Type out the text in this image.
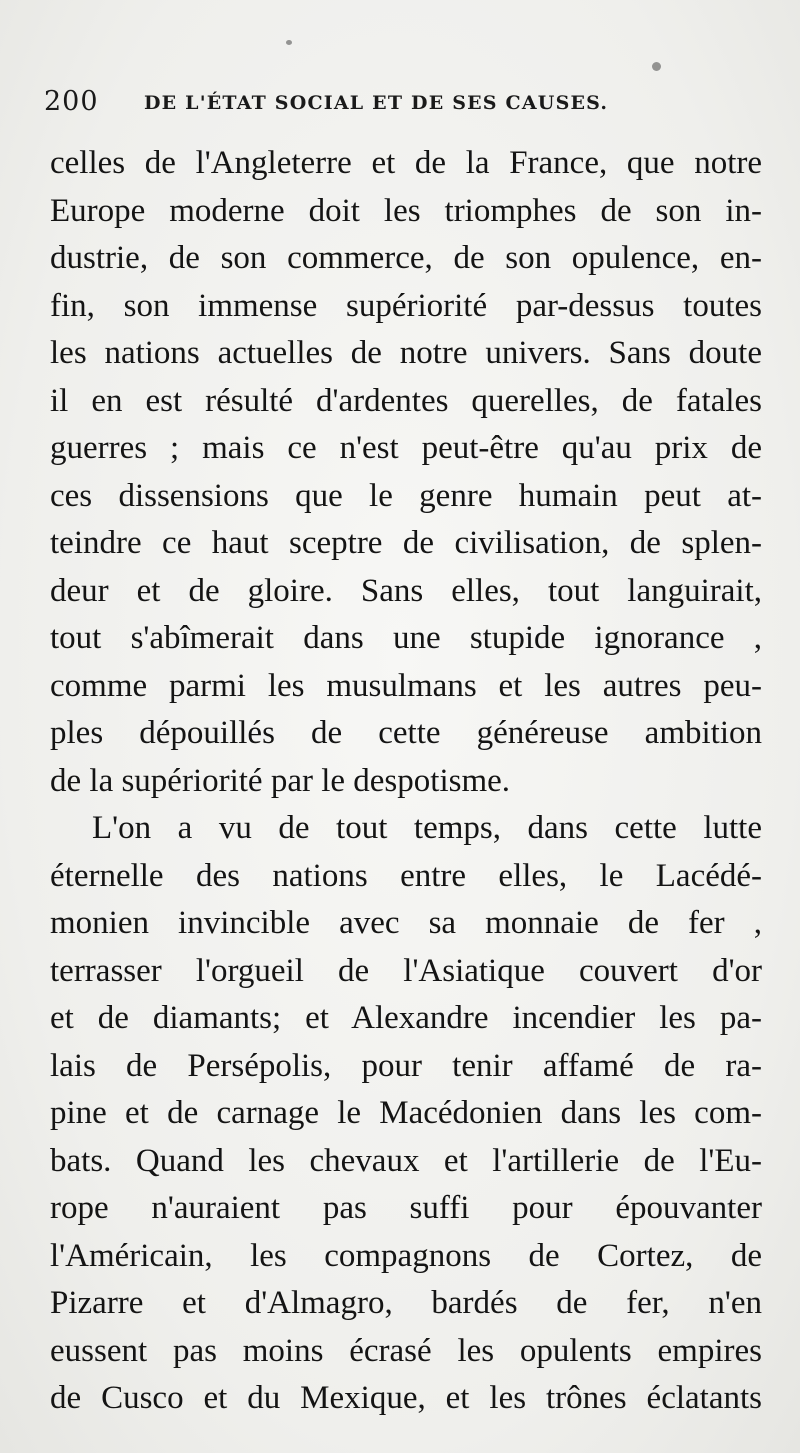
200 DE L'ÉTAT SOCIAL ET DE SES CAUSES.
celles de l'Angleterre et de la France, que notre
Europe moderne doit les triomphes de son in-
dustrie, de son commerce, de son opulence, en-
fin, son immense supériorité par-dessus toutes
les nations actuelles de notre univers. Sans doute
il en est résulté d'ardentes querelles, de fatales
guerres ; mais ce n'est peut-être qu'au prix de
ces dissensions que le genre humain peut at-
teindre ce haut sceptre de civilisation, de splen-
deur et de gloire. Sans elles, tout languirait,
tout s'abîmerait dans une stupide ignorance ,
comme parmi les musulmans et les autres peu-
ples dépouillés de cette généreuse ambition
de la supériorité par le despotisme.
L'on a vu de tout temps, dans cette lutte
éternelle des nations entre elles, le Lacédé-
monien invincible avec sa monnaie de fer ,
terrasser l'orgueil de l'Asiatique couvert d'or
et de diamants; et Alexandre incendier les pa-
lais de Persépolis, pour tenir affamé de ra-
pine et de carnage le Macédonien dans les com-
bats. Quand les chevaux et l'artillerie de l'Eu-
rope n'auraient pas suffi pour épouvanter
l'Américain, les compagnons de Cortez, de
Pizarre et d'Almagro, bardés de fer, n'en
eussent pas moins écrasé les opulents empires
de Cusco et du Mexique, et les trônes éclatants
